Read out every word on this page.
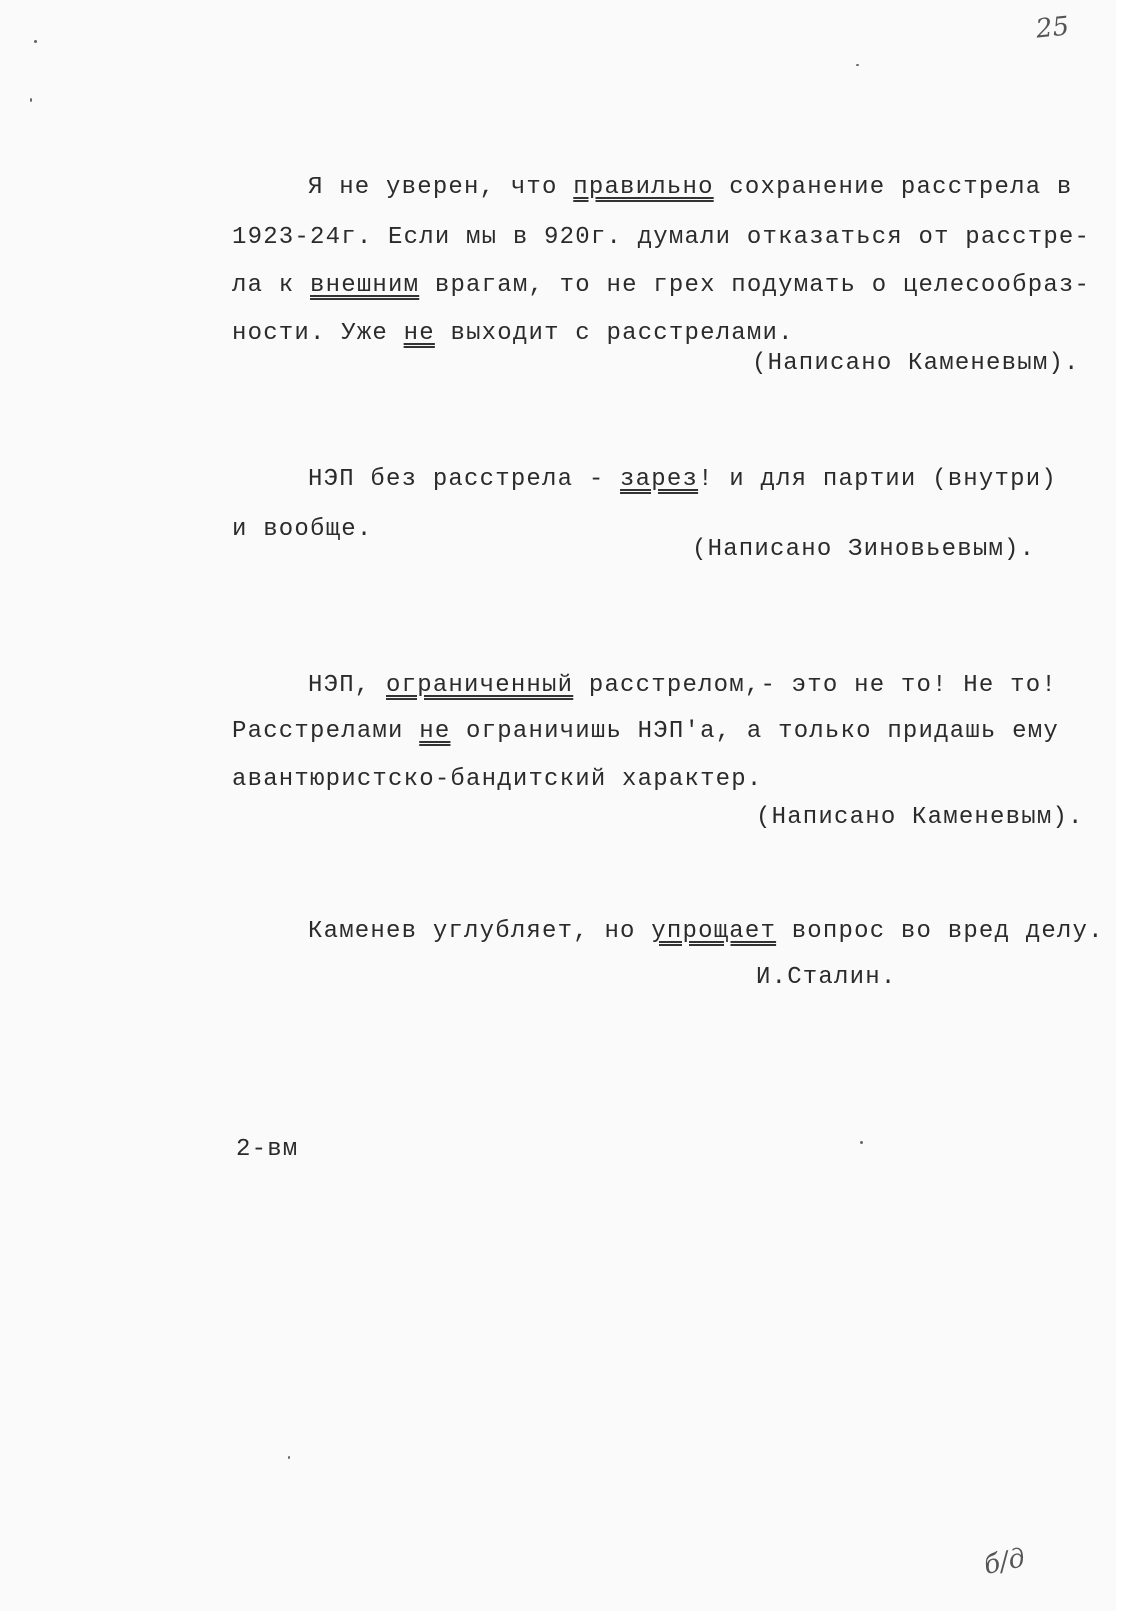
25
Я не уверен, что правильно сохранение расстрела в
1923-24г. Если мы в 920г. думали отказаться от расстре-
ла к внешним врагам, то не грех подумать о целесообраз-
ности. Уже не выходит с расстрелами.
(Написано Каменевым).
НЭП без расстрела - зарез! и для партии (внутри)
и вообще.
(Написано Зиновьевым).
НЭП, ограниченный расстрелом,- это не то! Не то!
Расстрелами не ограничишь НЭП'а, а только придашь ему
авантюристско-бандитский характер.
(Написано Каменевым).
Каменев углубляет, но упрощает вопрос во вред делу.
И.Сталин.
2-вм
б/д
